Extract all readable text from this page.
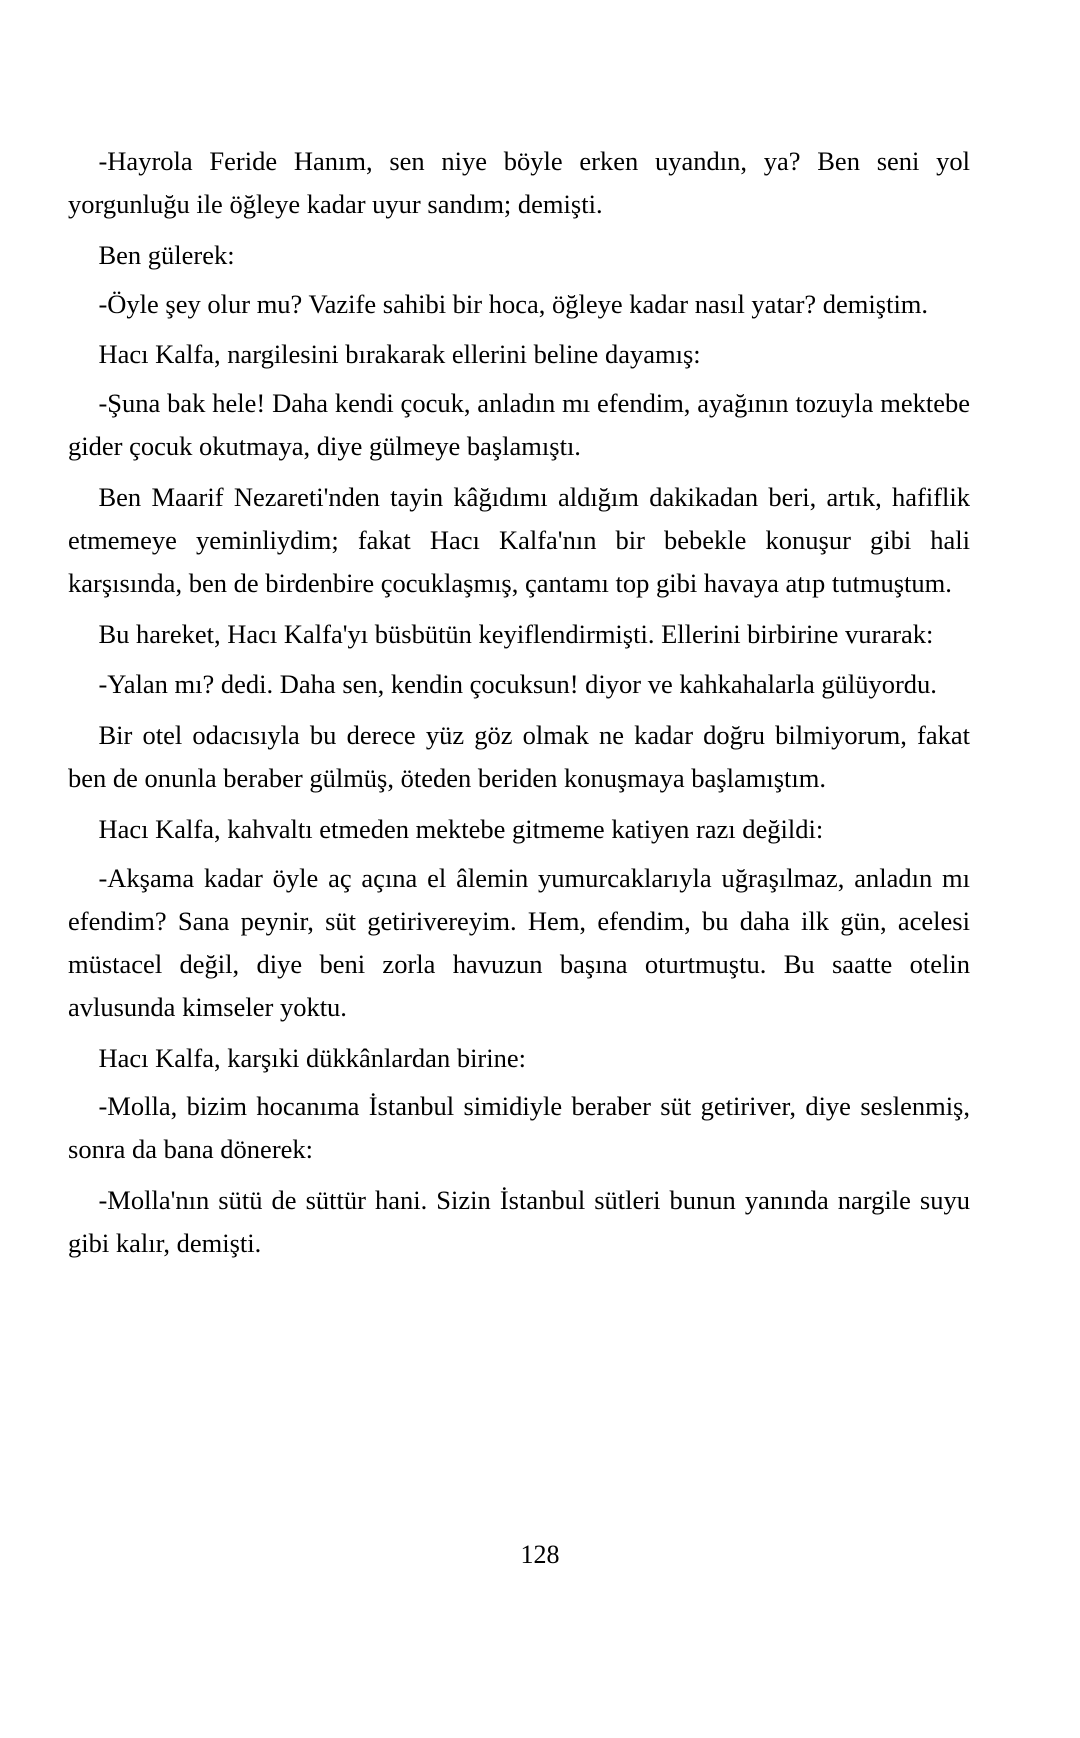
-Hayrola Feride Hanım, sen niye böyle erken uyandın, ya? Ben seni yol yorgunluğu ile öğleye kadar uyur sandım; demişti.

Ben gülerek:

-Öyle şey olur mu? Vazife sahibi bir hoca, öğleye kadar nasıl yatar? demiştim.

Hacı Kalfa, nargilesini bırakarak ellerini beline dayamış:

-Şuna bak hele! Daha kendi çocuk, anladın mı efendim, ayağının tozuyla mektebe gider çocuk okutmaya, diye gülmeye başlamıştı.

Ben Maarif Nezareti'nden tayin kâğıdımı aldığım dakikadan beri, artık, hafiflik etmemeye yeminliydim; fakat Hacı Kalfa'nın bir bebekle konuşur gibi hali karşısında, ben de birdenbire çocuklaşmış, çantamı top gibi havaya atıp tutmuştum.

Bu hareket, Hacı Kalfa'yı büsbütün keyiflendirmişti. Ellerini birbirine vurarak:

-Yalan mı? dedi. Daha sen, kendin çocuksun! diyor ve kahkahalarla gülüyordu.

Bir otel odacısıyla bu derece yüz göz olmak ne kadar doğru bilmiyorum, fakat ben de onunla beraber gülmüş, öteden beriden konuşmaya başlamıştım.

Hacı Kalfa, kahvaltı etmeden mektebe gitmeme katiyen razı değildi:

-Akşama kadar öyle aç açına el âlemin yumurcaklarıyla uğraşılmaz, anladın mı efendim? Sana peynir, süt getirivereyim. Hem, efendim, bu daha ilk gün, acelesi müstacel değil, diye beni zorla havuzun başına oturtmuştu. Bu saatte otelin avlusunda kimseler yoktu.

Hacı Kalfa, karşıki dükkânlardan birine:

-Molla, bizim hocanıma İstanbul simidiyle beraber süt getiriver, diye seslenmiş, sonra da bana dönerek:

-Molla'nın sütü de süttür hani. Sizin İstanbul sütleri bunun yanında nargile suyu gibi kalır, demişti.

128
